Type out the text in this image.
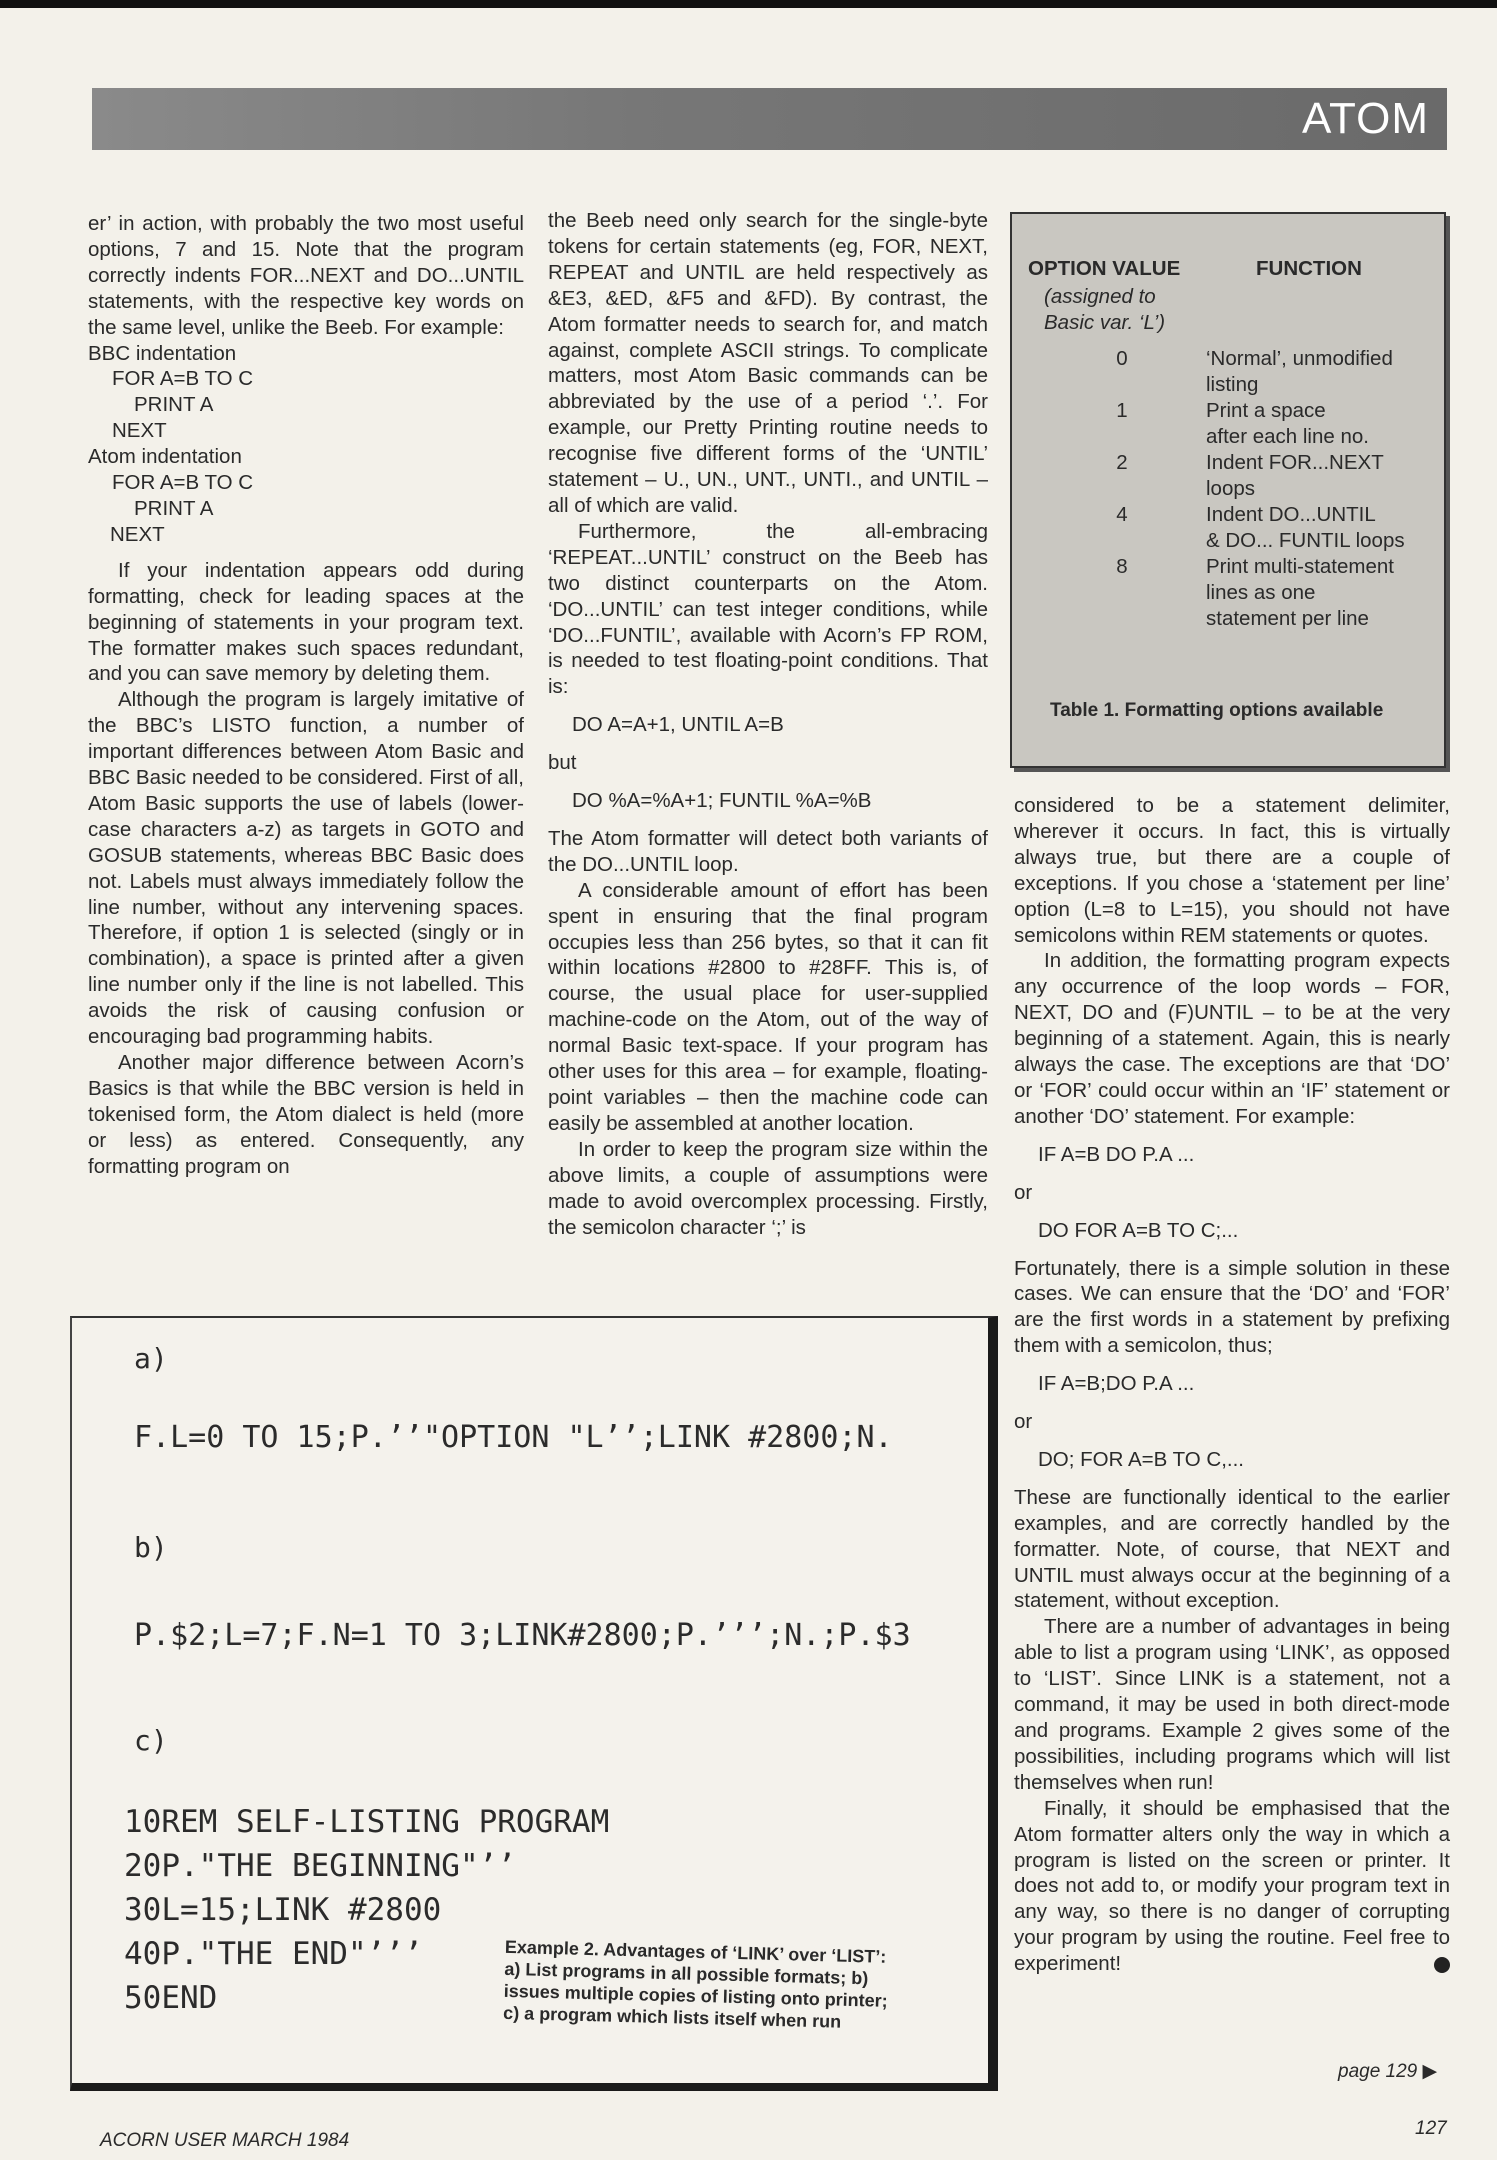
ATOM

er’ in action, with probably the two most useful options, 7 and 15. Note that the program correctly indents FOR...NEXT and DO...UNTIL statements, with the respective key words on the same level, unlike the Beeb. For example:

BBC indentation

FOR A=B TO C

PRINT A

NEXT

Atom indentation

FOR A=B TO C

PRINT A

NEXT

If your indentation appears odd during formatting, check for leading spaces at the beginning of statements in your program text. The formatter makes such spaces redundant, and you can save memory by deleting them.

Although the program is largely imitative of the BBC’s LISTO function, a number of important differences between Atom Basic and BBC Basic needed to be considered. First of all, Atom Basic supports the use of labels (lower-case characters a-z) as targets in GOTO and GOSUB statements, whereas BBC Basic does not. Labels must always immediately follow the line number, without any intervening spaces. Therefore, if option 1 is selected (singly or in combination), a space is printed after a given line number only if the line is not labelled. This avoids the risk of causing confusion or encouraging bad programming habits.

Another major difference between Acorn’s Basics is that while the BBC version is held in tokenised form, the Atom dialect is held (more or less) as entered. Consequently, any formatting program on

the Beeb need only search for the single-byte tokens for certain statements (eg, FOR, NEXT, REPEAT and UNTIL are held respectively as &E3, &ED, &F5 and &FD). By contrast, the Atom formatter needs to search for, and match against, complete ASCII strings. To complicate matters, most Atom Basic commands can be abbreviated by the use of a period ‘.’. For example, our Pretty Printing routine needs to recognise five different forms of the ‘UNTIL’ statement – U., UN., UNT., UNTI., and UNTIL – all of which are valid.

Furthermore, the all-embracing ‘REPEAT...UNTIL’ construct on the Beeb has two distinct counterparts on the Atom. ‘DO...UNTIL’ can test integer conditions, while ‘DO...FUNTIL’, available with Acorn’s FP ROM, is needed to test floating-point conditions. That is:

DO A=A+1, UNTIL A=B

but

DO %A=%A+1; FUNTIL %A=%B

The Atom formatter will detect both variants of the DO...UNTIL loop.

A considerable amount of effort has been spent in ensuring that the final program occupies less than 256 bytes, so that it can fit within locations #2800 to #28FF. This is, of course, the usual place for user-supplied machine-code on the Atom, out of the way of normal Basic text-space. If your program has other uses for this area – for example, floating-point variables – then the machine code can easily be assembled at another location.

In order to keep the program size within the above limits, a couple of assumptions were made to avoid overcomplex processing. Firstly, the semicolon character ‘;’ is

OPTION VALUE	FUNCTION
(assigned to
Basic var. ‘L’)
0	‘Normal’, unmodified
listing
1	Print a space
after each line no.
2	Indent FOR...NEXT
loops
4	Indent DO...UNTIL
& DO... FUNTIL loops
8	Print multi-statement
lines as one
statement per line
Table 1. Formatting options available

considered to be a statement delimiter, wherever it occurs. In fact, this is virtually always true, but there are a couple of exceptions. If you chose a ‘statement per line’ option (L=8 to L=15), you should not have semicolons within REM statements or quotes.

In addition, the formatting program expects any occurrence of the loop words – FOR, NEXT, DO and (F)UNTIL – to be at the very beginning of a statement. Again, this is nearly always the case. The exceptions are that ‘DO’ or ‘FOR’ could occur within an ‘IF’ statement or another ‘DO’ statement. For example:

IF A=B DO P.A ...

or

DO FOR A=B TO C;...

Fortunately, there is a simple solution in these cases. We can ensure that the ‘DO’ and ‘FOR’ are the first words in a statement by prefixing them with a semicolon, thus;

IF A=B;DO P.A ...

or

DO; FOR A=B TO C,...

These are functionally identical to the earlier examples, and are correctly handled by the formatter. Note, of course, that NEXT and UNTIL must always occur at the beginning of a statement, without exception.

There are a number of advantages in being able to list a program using ‘LINK’, as opposed to ‘LIST’. Since LINK is a statement, not a command, it may be used in both direct-mode and programs. Example 2 gives some of the possibilities, including programs which will list themselves when run!

Finally, it should be emphasised that the Atom formatter alters only the way in which a program is listed on the screen or printer. It does not add to, or modify your program text in any way, so there is no danger of corrupting your program by using the routine. Feel free to experiment!

a)
F.L=0 TO 15;P.’’"OPTION "L’’;LINK #2800;N.
b)
P.$2;L=7;F.N=1 TO 3;LINK#2800;P.’’’;N.;P.$3
c)
10REM SELF-LISTING PROGRAM
20P."THE BEGINNING"’’
30L=15;LINK #2800
40P."THE END"’’’
50END
Example 2. Advantages of ‘LINK’ over ‘LIST’:
a) List programs in all possible formats; b)
issues multiple copies of listing onto printer;
c) a program which lists itself when run
page 129 ▶
ACORN USER MARCH 1984
127
